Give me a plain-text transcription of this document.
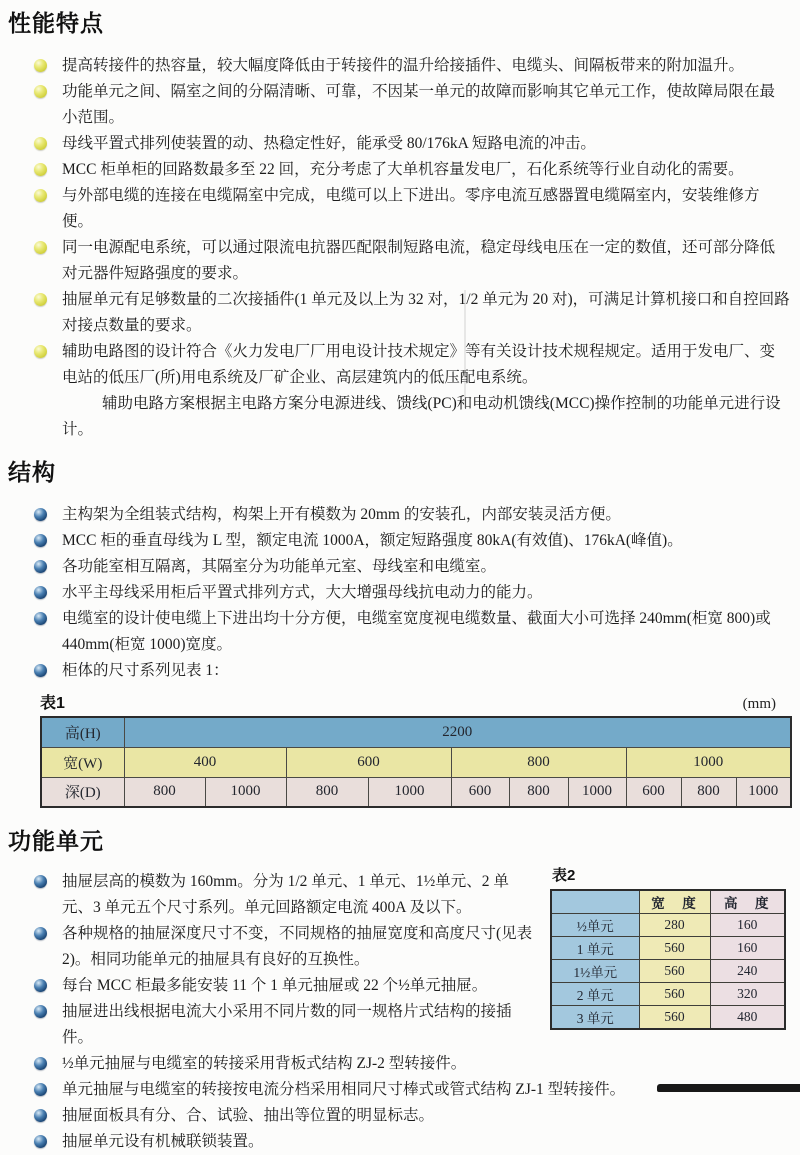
性能特点
提高转接件的热容量，较大幅度降低由于转接件的温升给接插件、电缆头、间隔板带来的附加温升。
功能单元之间、隔室之间的分隔清晰、可靠，不因某一单元的故障而影响其它单元工作，使故障局限在最小范围。
母线平置式排列使装置的动、热稳定性好，能承受 80/176kA 短路电流的冲击。
MCC 柜单柜的回路数最多至 22 回，充分考虑了大单机容量发电厂，石化系统等行业自动化的需要。
与外部电缆的连接在电缆隔室中完成，电缆可以上下进出。零序电流互感器置电缆隔室内，安装维修方便。
同一电源配电系统，可以通过限流电抗器匹配限制短路电流，稳定母线电压在一定的数值，还可部分降低对元器件短路强度的要求。
抽屉单元有足够数量的二次接插件(1 单元及以上为 32 对，1/2 单元为 20 对)，可满足计算机接口和自控回路对接点数量的要求。
辅助电路图的设计符合《火力发电厂厂用电设计技术规定》等有关设计技术规程规定。适用于发电厂、变电站的低压厂(所)用电系统及厂矿企业、高层建筑内的低压配电系统。
辅助电路方案根据主电路方案分电源进线、馈线(PC)和电动机馈线(MCC)操作控制的功能单元进行设计。
结构
主构架为全组装式结构，构架上开有模数为 20mm 的安装孔，内部安装灵活方便。
MCC 柜的垂直母线为 L 型，额定电流 1000A，额定短路强度 80kA(有效值)、176kA(峰值)。
各功能室相互隔离，其隔室分为功能单元室、母线室和电缆室。
水平主母线采用柜后平置式排列方式，大大增强母线抗电动力的能力。
电缆室的设计使电缆上下进出均十分方便，电缆室宽度视电缆数量、截面大小可选择 240mm(柜宽 800)或 440mm(柜宽 1000)宽度。
柜体的尺寸系列见表 1：
表1	(mm)
高(H)	2200									
宽(W)	400		600		800			1000		
深(D)	800	1000	800	1000	600	800	1000	600	800	1000
表2
	宽　度	高　度
½单元	280	160
1 单元	560	160
1½单元	560	240
2 单元	560	320
3 单元	560	480
功能单元
抽屉层高的模数为 160mm。分为 1/2 单元、1 单元、1½单元、2 单元、3 单元五个尺寸系列。单元回路额定电流 400A 及以下。
各种规格的抽屉深度尺寸不变，不同规格的抽屉宽度和高度尺寸(见表 2)。相同功能单元的抽屉具有良好的互换性。
每台 MCC 柜最多能安装 11 个 1 单元抽屉或 22 个½单元抽屉。
抽屉进出线根据电流大小采用不同片数的同一规格片式结构的接插件。
½单元抽屉与电缆室的转接采用背板式结构 ZJ-2 型转接件。
单元抽屉与电缆室的转接按电流分档采用相同尺寸棒式或管式结构 ZJ-1 型转接件。
抽屉面板具有分、合、试验、抽出等位置的明显标志。
抽屉单元设有机械联锁装置。
